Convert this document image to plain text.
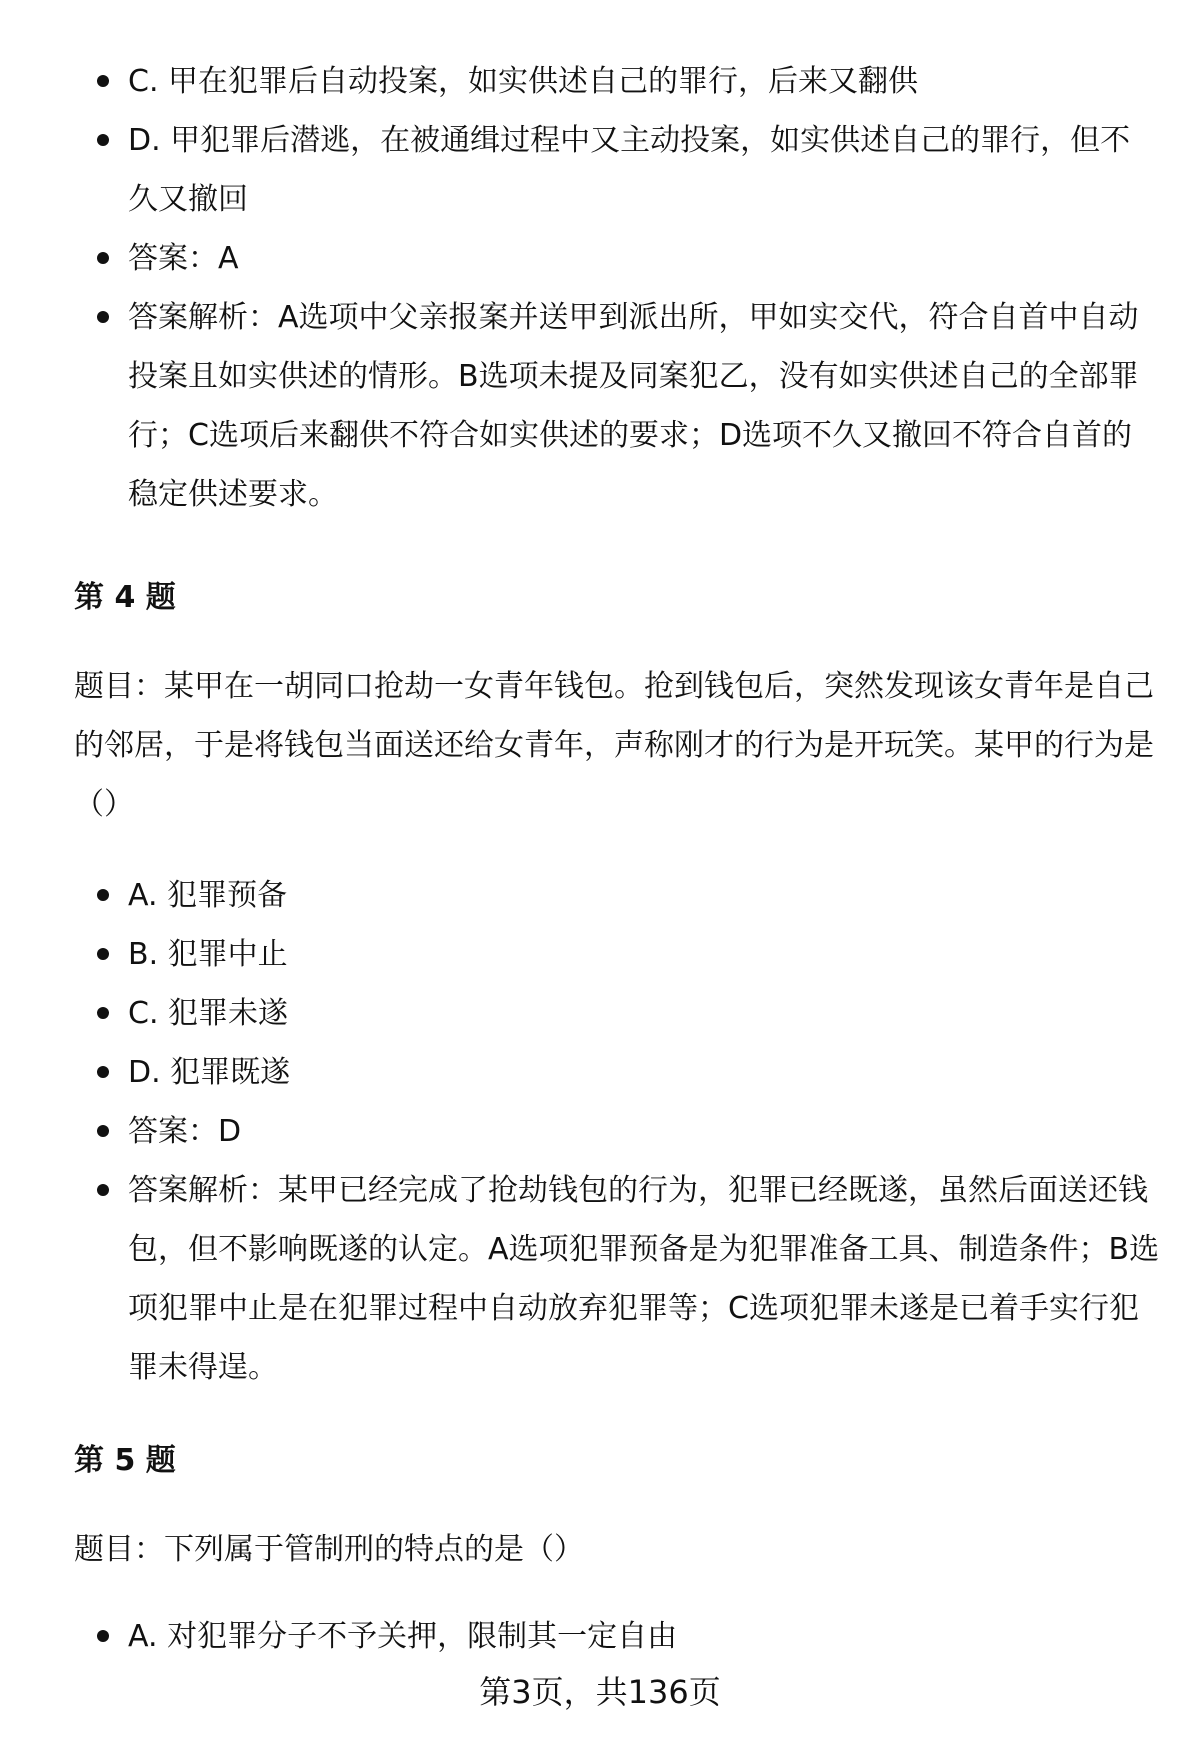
C. 甲在犯罪后自动投案，如实供述自己的罪行，后来又翻供
D. 甲犯罪后潜逃，在被通缉过程中又主动投案，如实供述自己的罪行，但不久又撤回
答案：A
答案解析：A选项中父亲报案并送甲到派出所，甲如实交代，符合自首中自动投案且如实供述的情形。B选项未提及同案犯乙，没有如实供述自己的全部罪行；C选项后来翻供不符合如实供述的要求；D选项不久又撤回不符合自首的稳定供述要求。
第 4 题

题目：某甲在一胡同口抢劫一女青年钱包。抢到钱包后，突然发现该女青年是自己的邻居，于是将钱包当面送还给女青年，声称刚才的行为是开玩笑。某甲的行为是（）

A. 犯罪预备
B. 犯罪中止
C. 犯罪未遂
D. 犯罪既遂
答案：D
答案解析：某甲已经完成了抢劫钱包的行为，犯罪已经既遂，虽然后面送还钱包，但不影响既遂的认定。A选项犯罪预备是为犯罪准备工具、制造条件；B选项犯罪中止是在犯罪过程中自动放弃犯罪等；C选项犯罪未遂是已着手实行犯罪未得逞。
第 5 题

题目：下列属于管制刑的特点的是（）

A. 对犯罪分子不予关押，限制其一定自由
第3页，共136页
